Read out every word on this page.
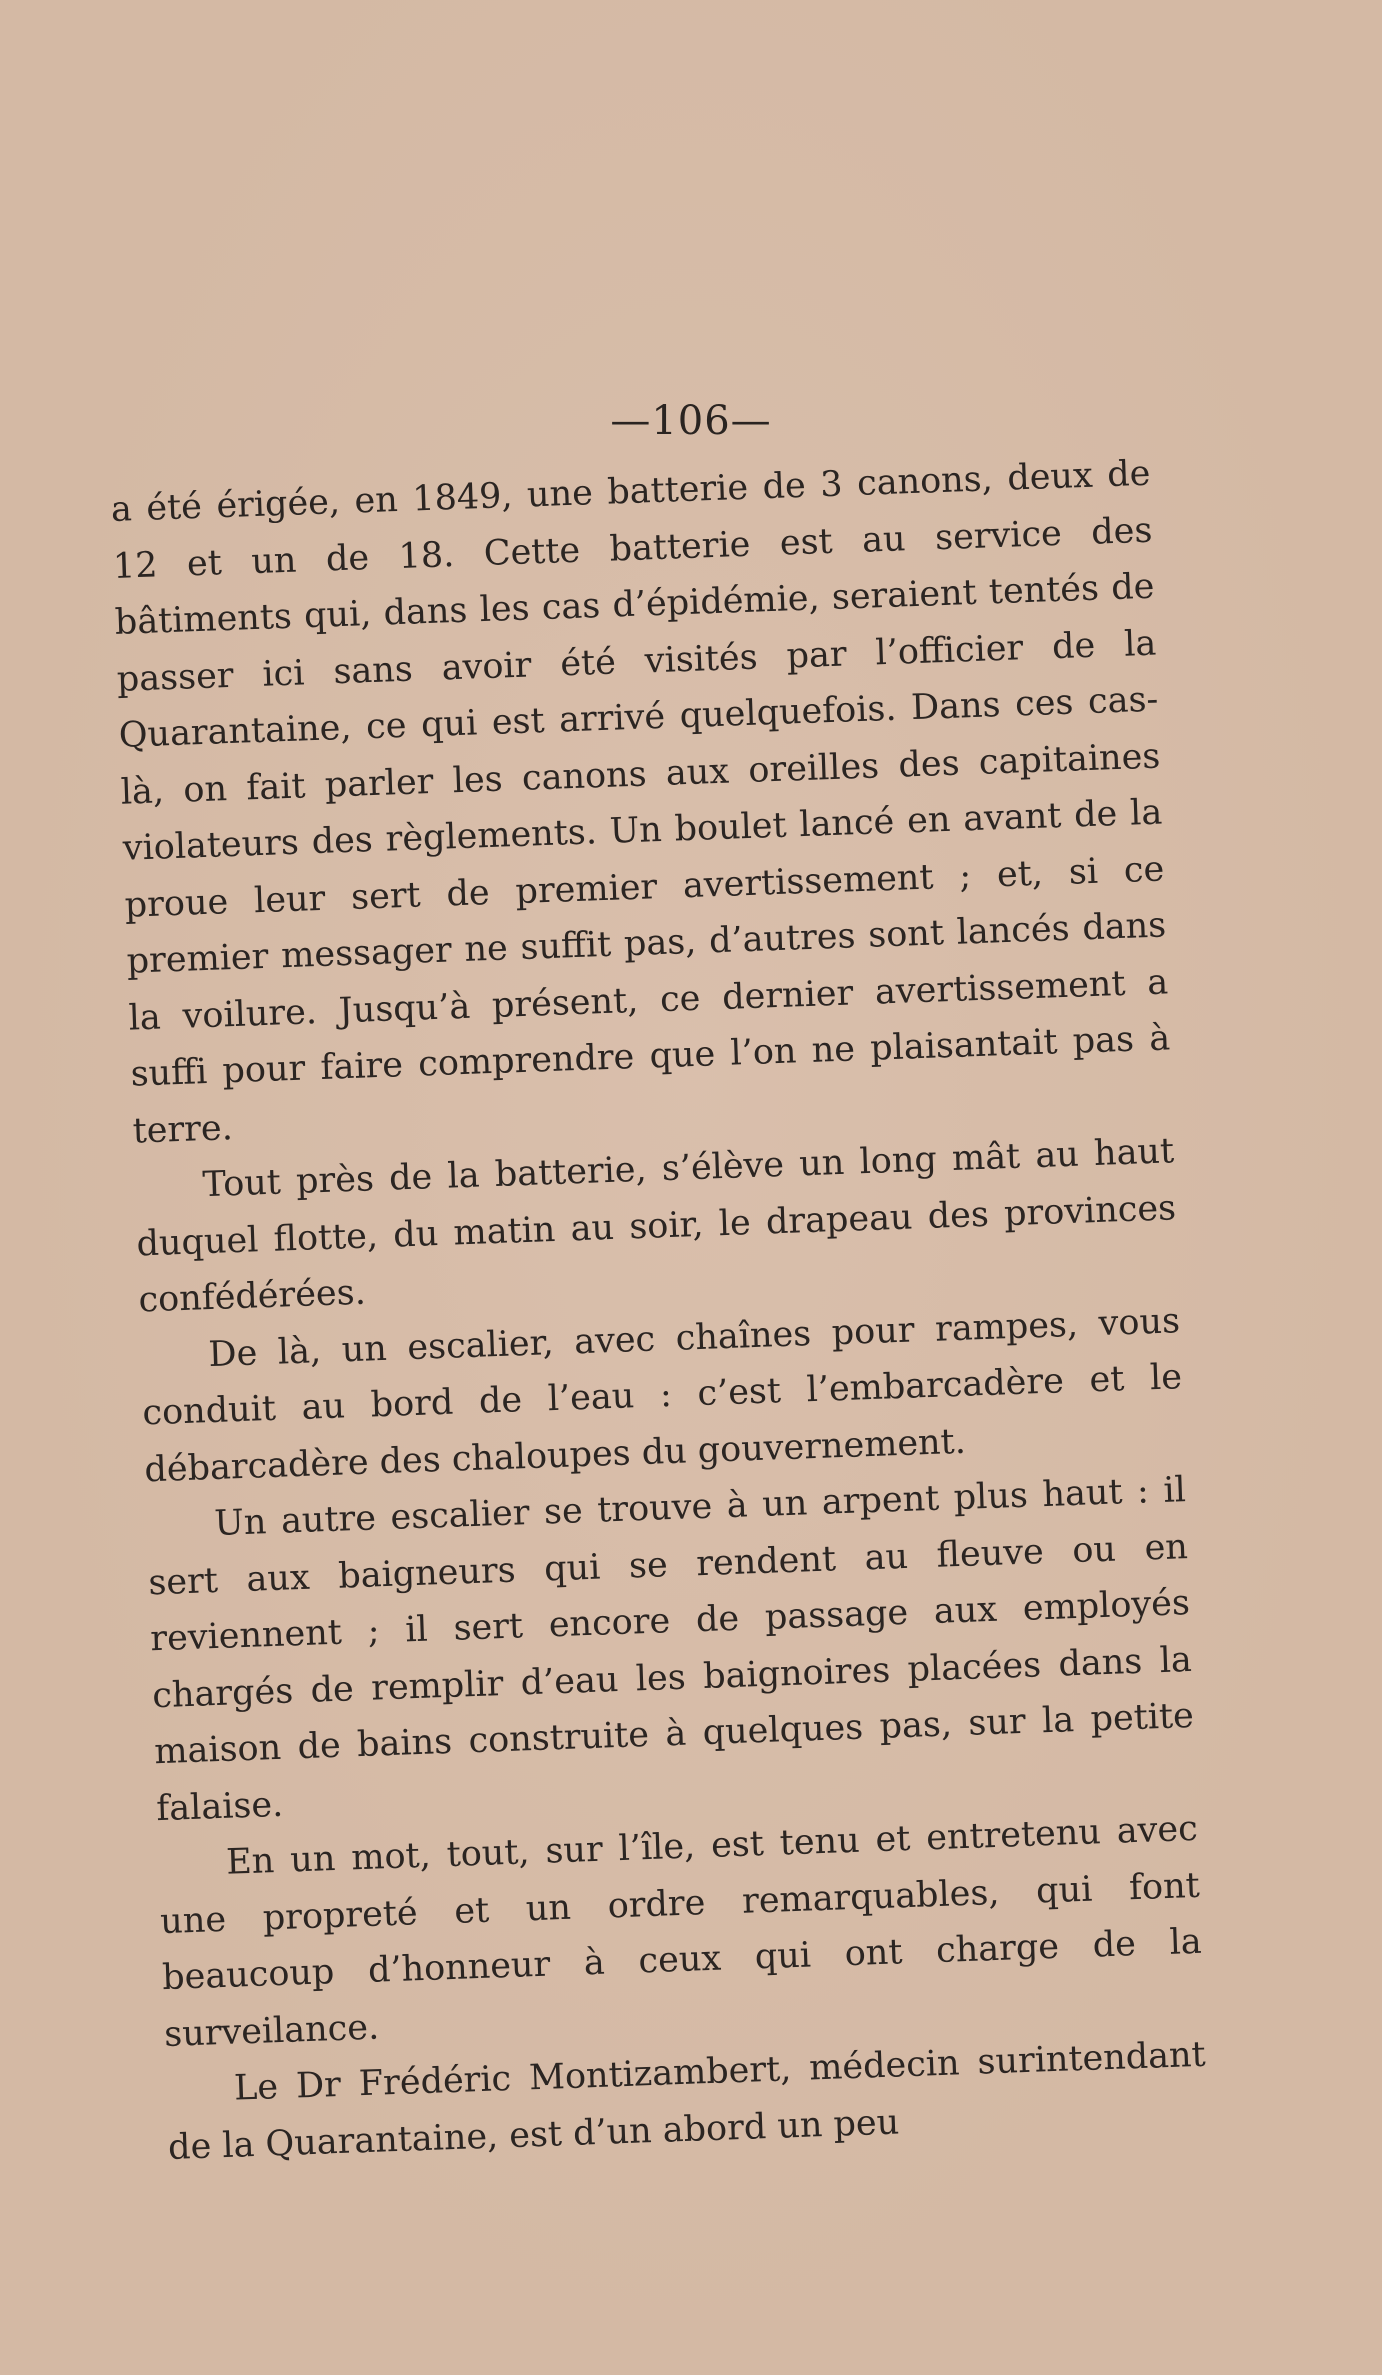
—106—

a été érigée, en 1849, une batterie de 3 canons, deux de 12 et un de 18. Cette batterie est au service des bâtiments qui, dans les cas d’épidémie, seraient tentés de passer ici sans avoir été visités par l’officier de la Quarantaine, ce qui est arrivé quelquefois. Dans ces cas-là, on fait parler les canons aux oreilles des capitaines violateurs des règlements. Un boulet lancé en avant de la proue leur sert de premier avertissement ; et, si ce premier messager ne suffit pas, d’autres sont lancés dans la voilure. Jusqu’à présent, ce dernier avertissement a suffi pour faire comprendre que l’on ne plaisantait pas à terre.

Tout près de la batterie, s’élève un long mât au haut duquel flotte, du matin au soir, le drapeau des provinces confédérées.

De là, un escalier, avec chaînes pour rampes, vous conduit au bord de l’eau : c’est l’embarcadère et le débarcadère des chaloupes du gouvernement.

Un autre escalier se trouve à un arpent plus haut : il sert aux baigneurs qui se rendent au fleuve ou en reviennent ; il sert encore de passage aux employés chargés de remplir d’eau les baignoires placées dans la maison de bains construite à quelques pas, sur la petite falaise.

En un mot, tout, sur l’île, est tenu et entretenu avec une propreté et un ordre remarquables, qui font beaucoup d’honneur à ceux qui ont charge de la surveilance.

Le Dr Frédéric Montizambert, médecin surintendant de la Quarantaine, est d’un abord un peu
